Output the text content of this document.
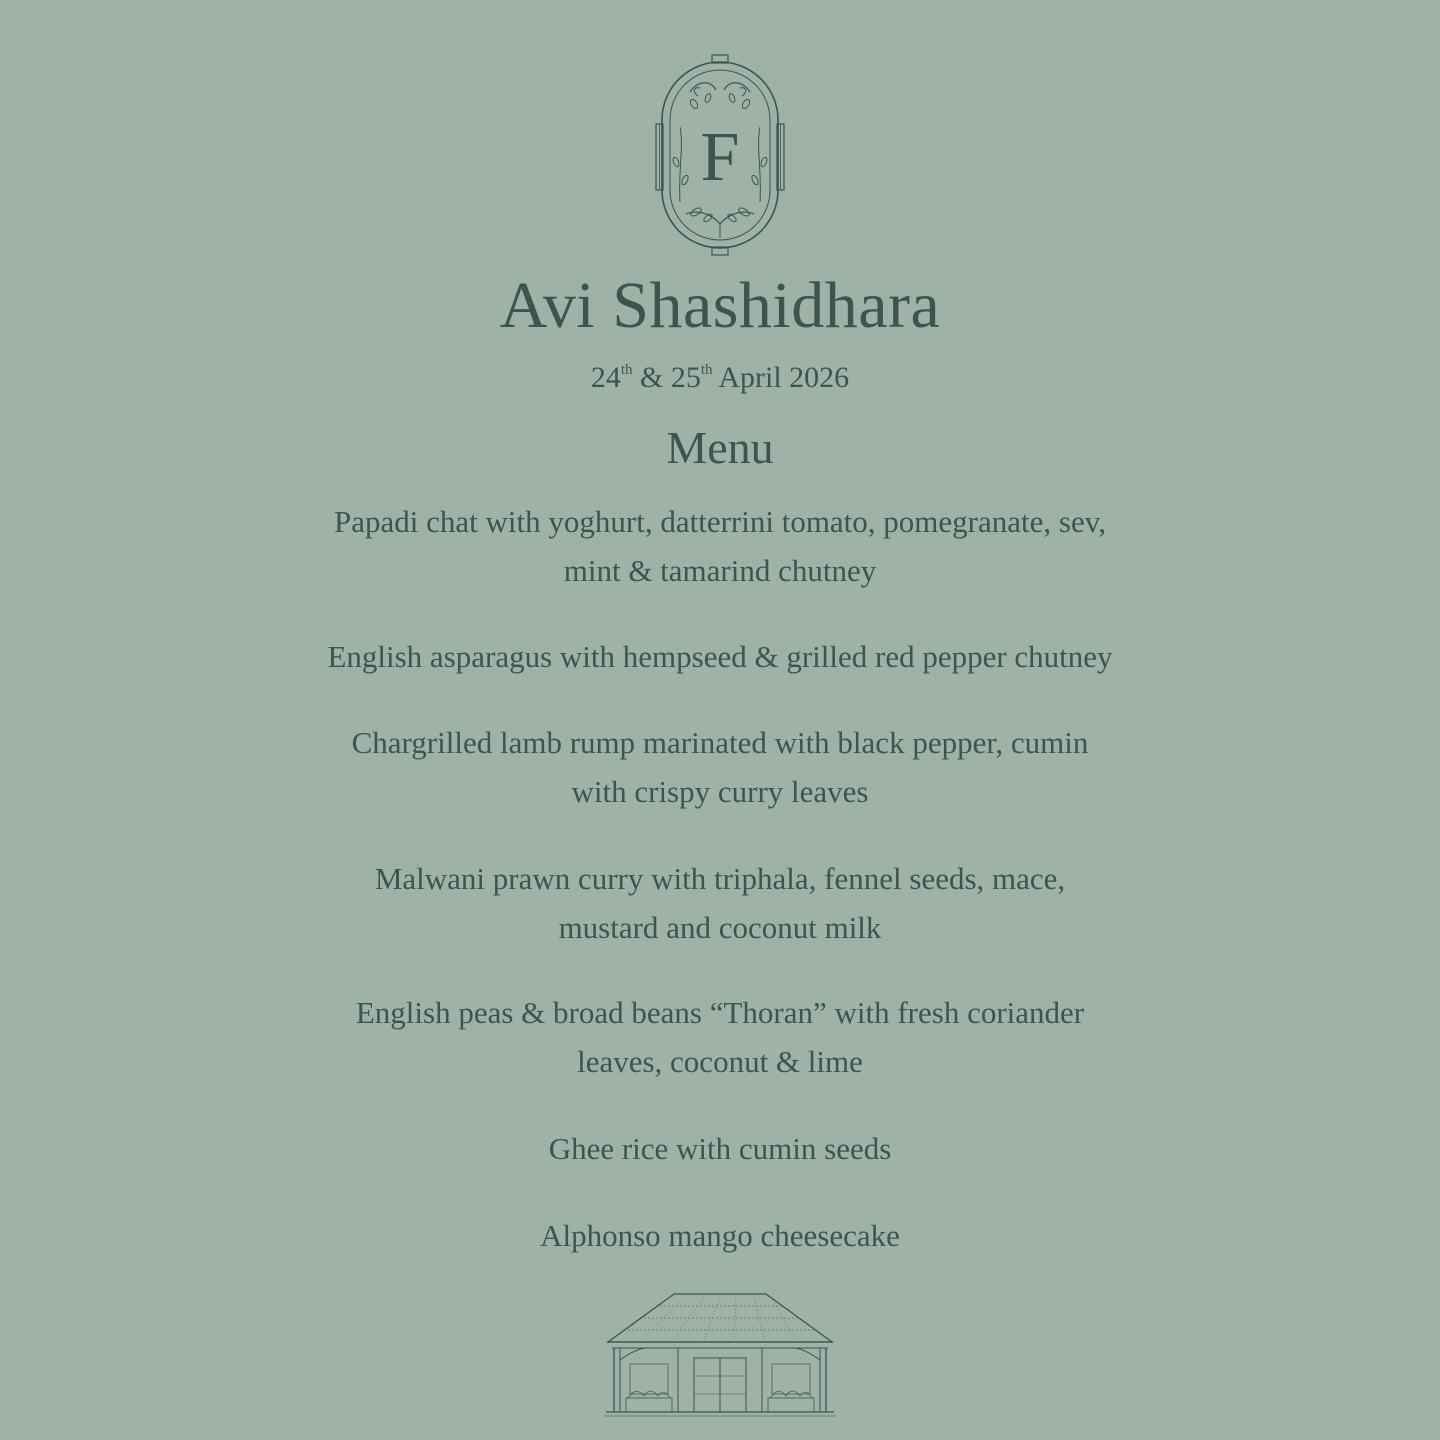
F
Avi Shashidhara
24th & 25th April 2026
Menu

Papadi chat with yoghurt, datterrini tomato, pomegranate, sev,
mint & tamarind chutney

English asparagus with hempseed & grilled red pepper chutney

Chargrilled lamb rump marinated with black pepper, cumin
with crispy curry leaves

Malwani prawn curry with triphala, fennel seeds, mace,
mustard and coconut milk

English peas & broad beans “Thoran” with fresh coriander
leaves, coconut & lime

Ghee rice with cumin seeds

Alphonso mango cheesecake
